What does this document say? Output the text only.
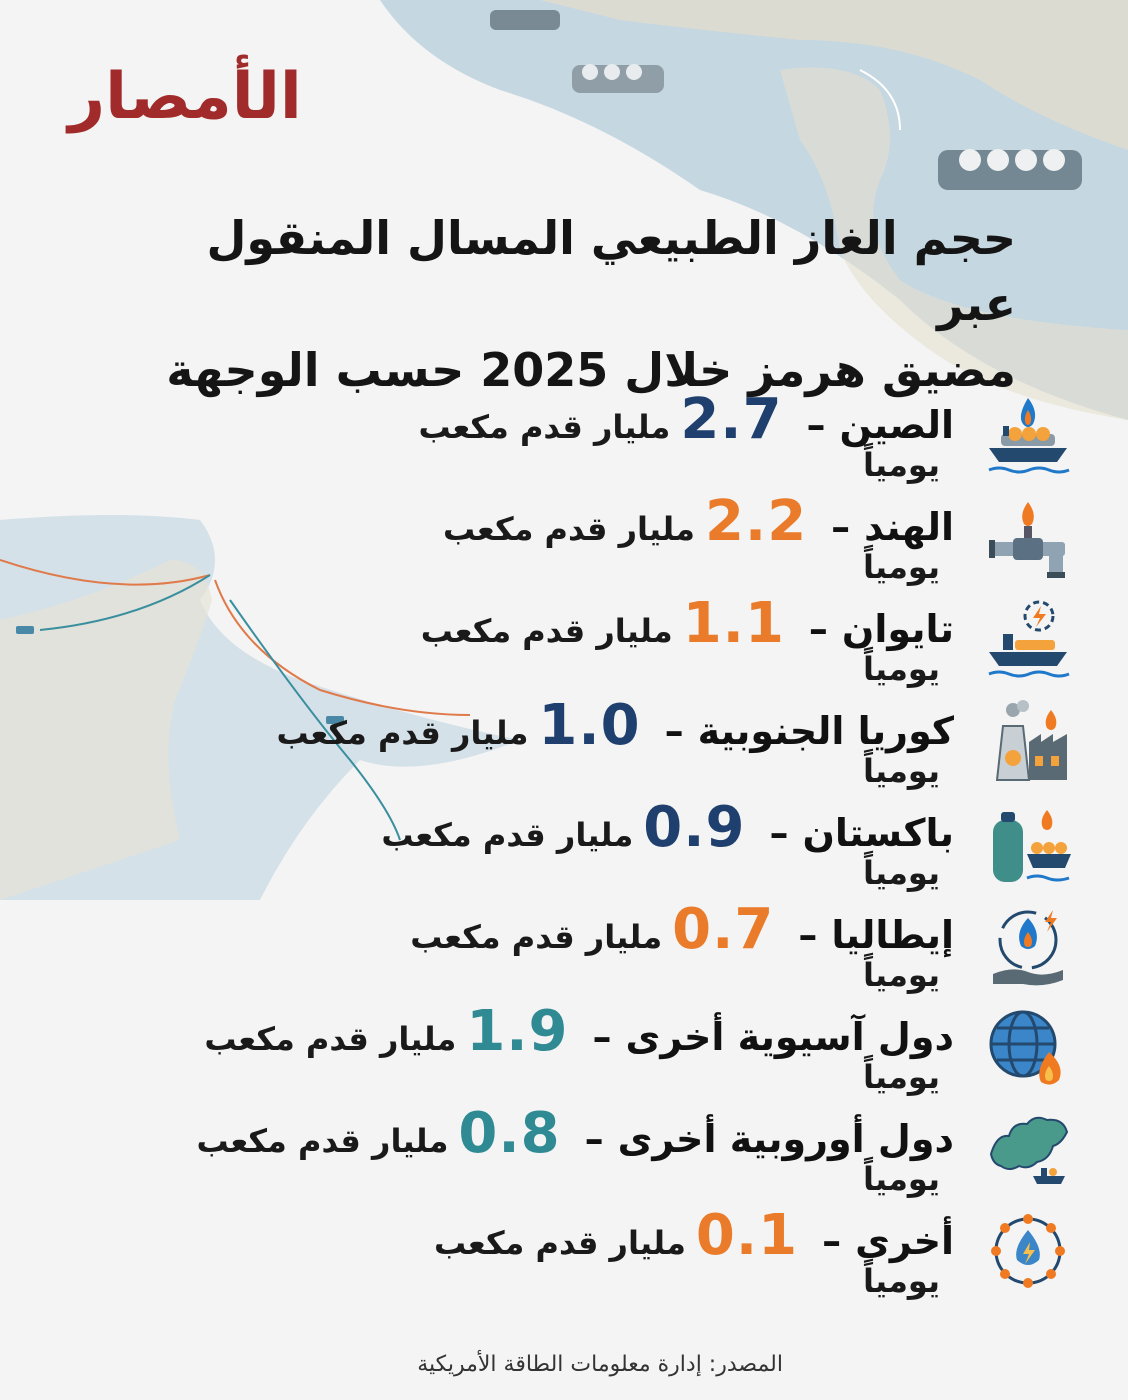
الأمصار
حجم الغاز الطبيعي المسال المنقول عبر
مضيق هرمز خلال 2025 حسب الوجهة
الصين
–
2.7
مليار قدم مكعب
يومياً
الهند
–
2.2
مليار قدم مكعب
يومياً
تايوان
–
1.1
مليار قدم مكعب
يومياً
كوريا الجنوبية
–
1.0
مليار قدم مكعب
يومياً
باكستان
–
0.9
مليار قدم مكعب
يومياً
إيطاليا
–
0.7
مليار قدم مكعب
يومياً
دول آسيوية أخرى
–
1.9
مليار قدم مكعب
يومياً
دول أوروبية أخرى
–
0.8
مليار قدم مكعب
يومياً
أخرى
–
0.1
مليار قدم مكعب
يومياً
المصدر: إدارة معلومات الطاقة الأمريكية
